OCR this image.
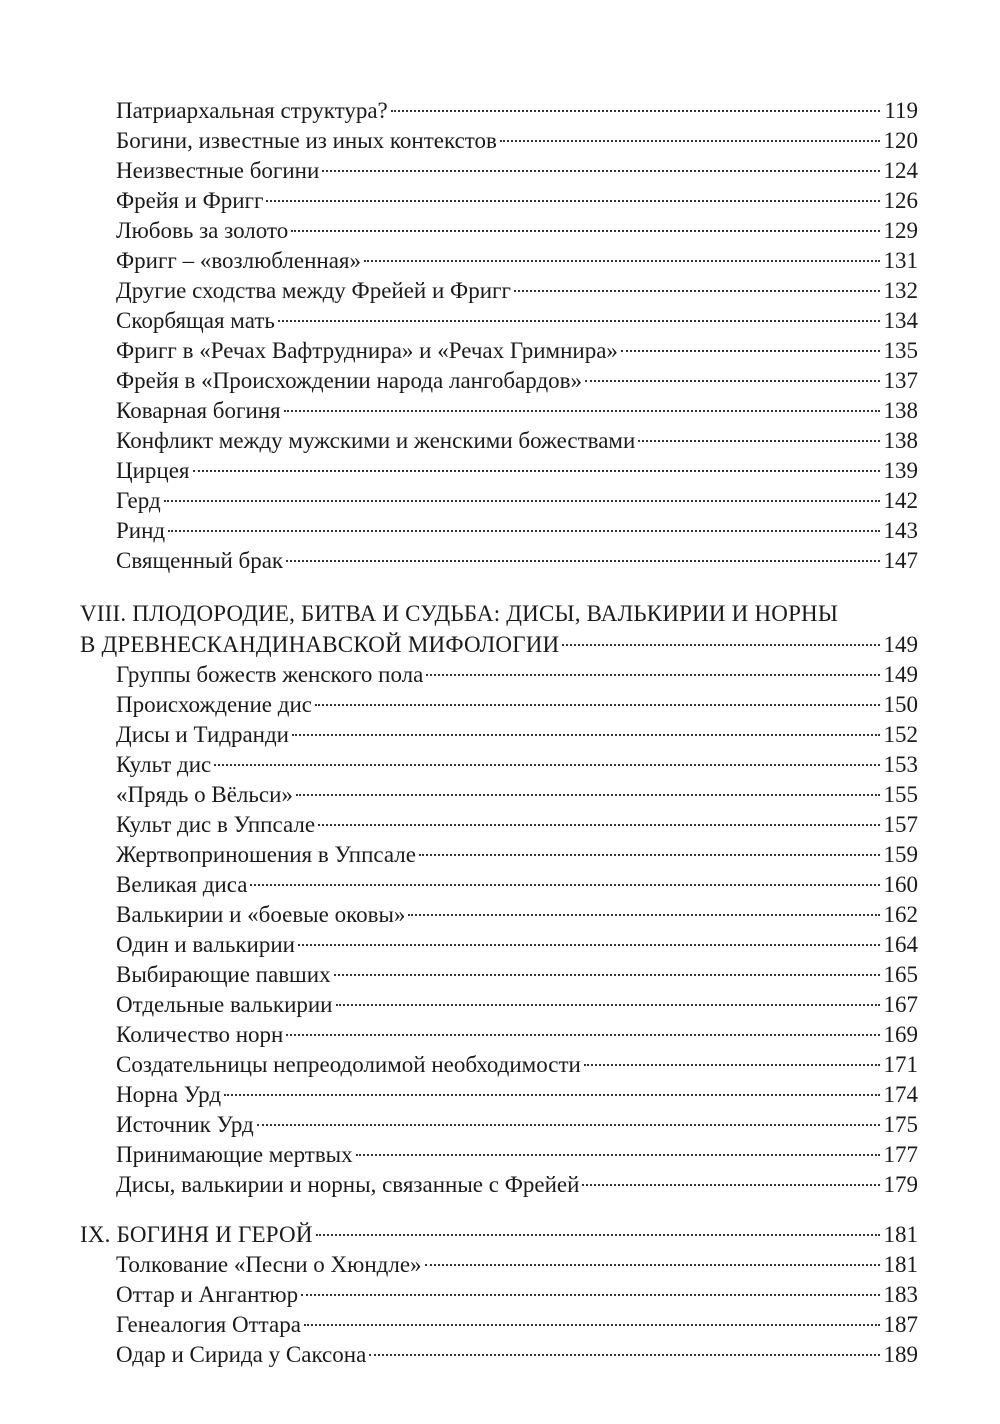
Патриархальная структура?	119
Богини, известные из иных контекстов	120
Неизвестные богини	124
Фрейя и Фригг	126
Любовь за золото	129
Фригг – «возлюбленная»	131
Другие сходства между Фрейей и Фригг	132
Скорбящая мать	134
Фригг в «Речах Вафтруднира» и «Речах Гримнира»	135
Фрейя в «Происхождении народа лангобардов»	137
Коварная богиня	138
Конфликт между мужскими и женскими божествами	138
Цирцея	139
Герд	142
Ринд	143
Священный брак	147
VIII. ПЛОДОРОДИЕ, БИТВА И СУДЬБА: ДИСЫ, ВАЛЬКИРИИ И НОРНЫ
В ДРЕВНЕСКАНДИНАВСКОЙ МИФОЛОГИИ	149
Группы божеств женского пола	149
Происхождение дис	150
Дисы и Тидранди	152
Культ дис	153
«Прядь о Вёльси»	155
Культ дис в Уппсале	157
Жертвоприношения в Уппсале	159
Великая диса	160
Валькирии и «боевые оковы»	162
Один и валькирии	164
Выбирающие павших	165
Отдельные валькирии	167
Количество норн	169
Создательницы непреодолимой необходимости	171
Норна Урд	174
Источник Урд	175
Принимающие мертвых	177
Дисы, валькирии и норны, связанные с Фрейей	179
IX. БОГИНЯ И ГЕРОЙ	181
Толкование «Песни о Хюндле»	181
Оттар и Ангантюр	183
Генеалогия Оттара	187
Одар и Сирида у Саксона	189
